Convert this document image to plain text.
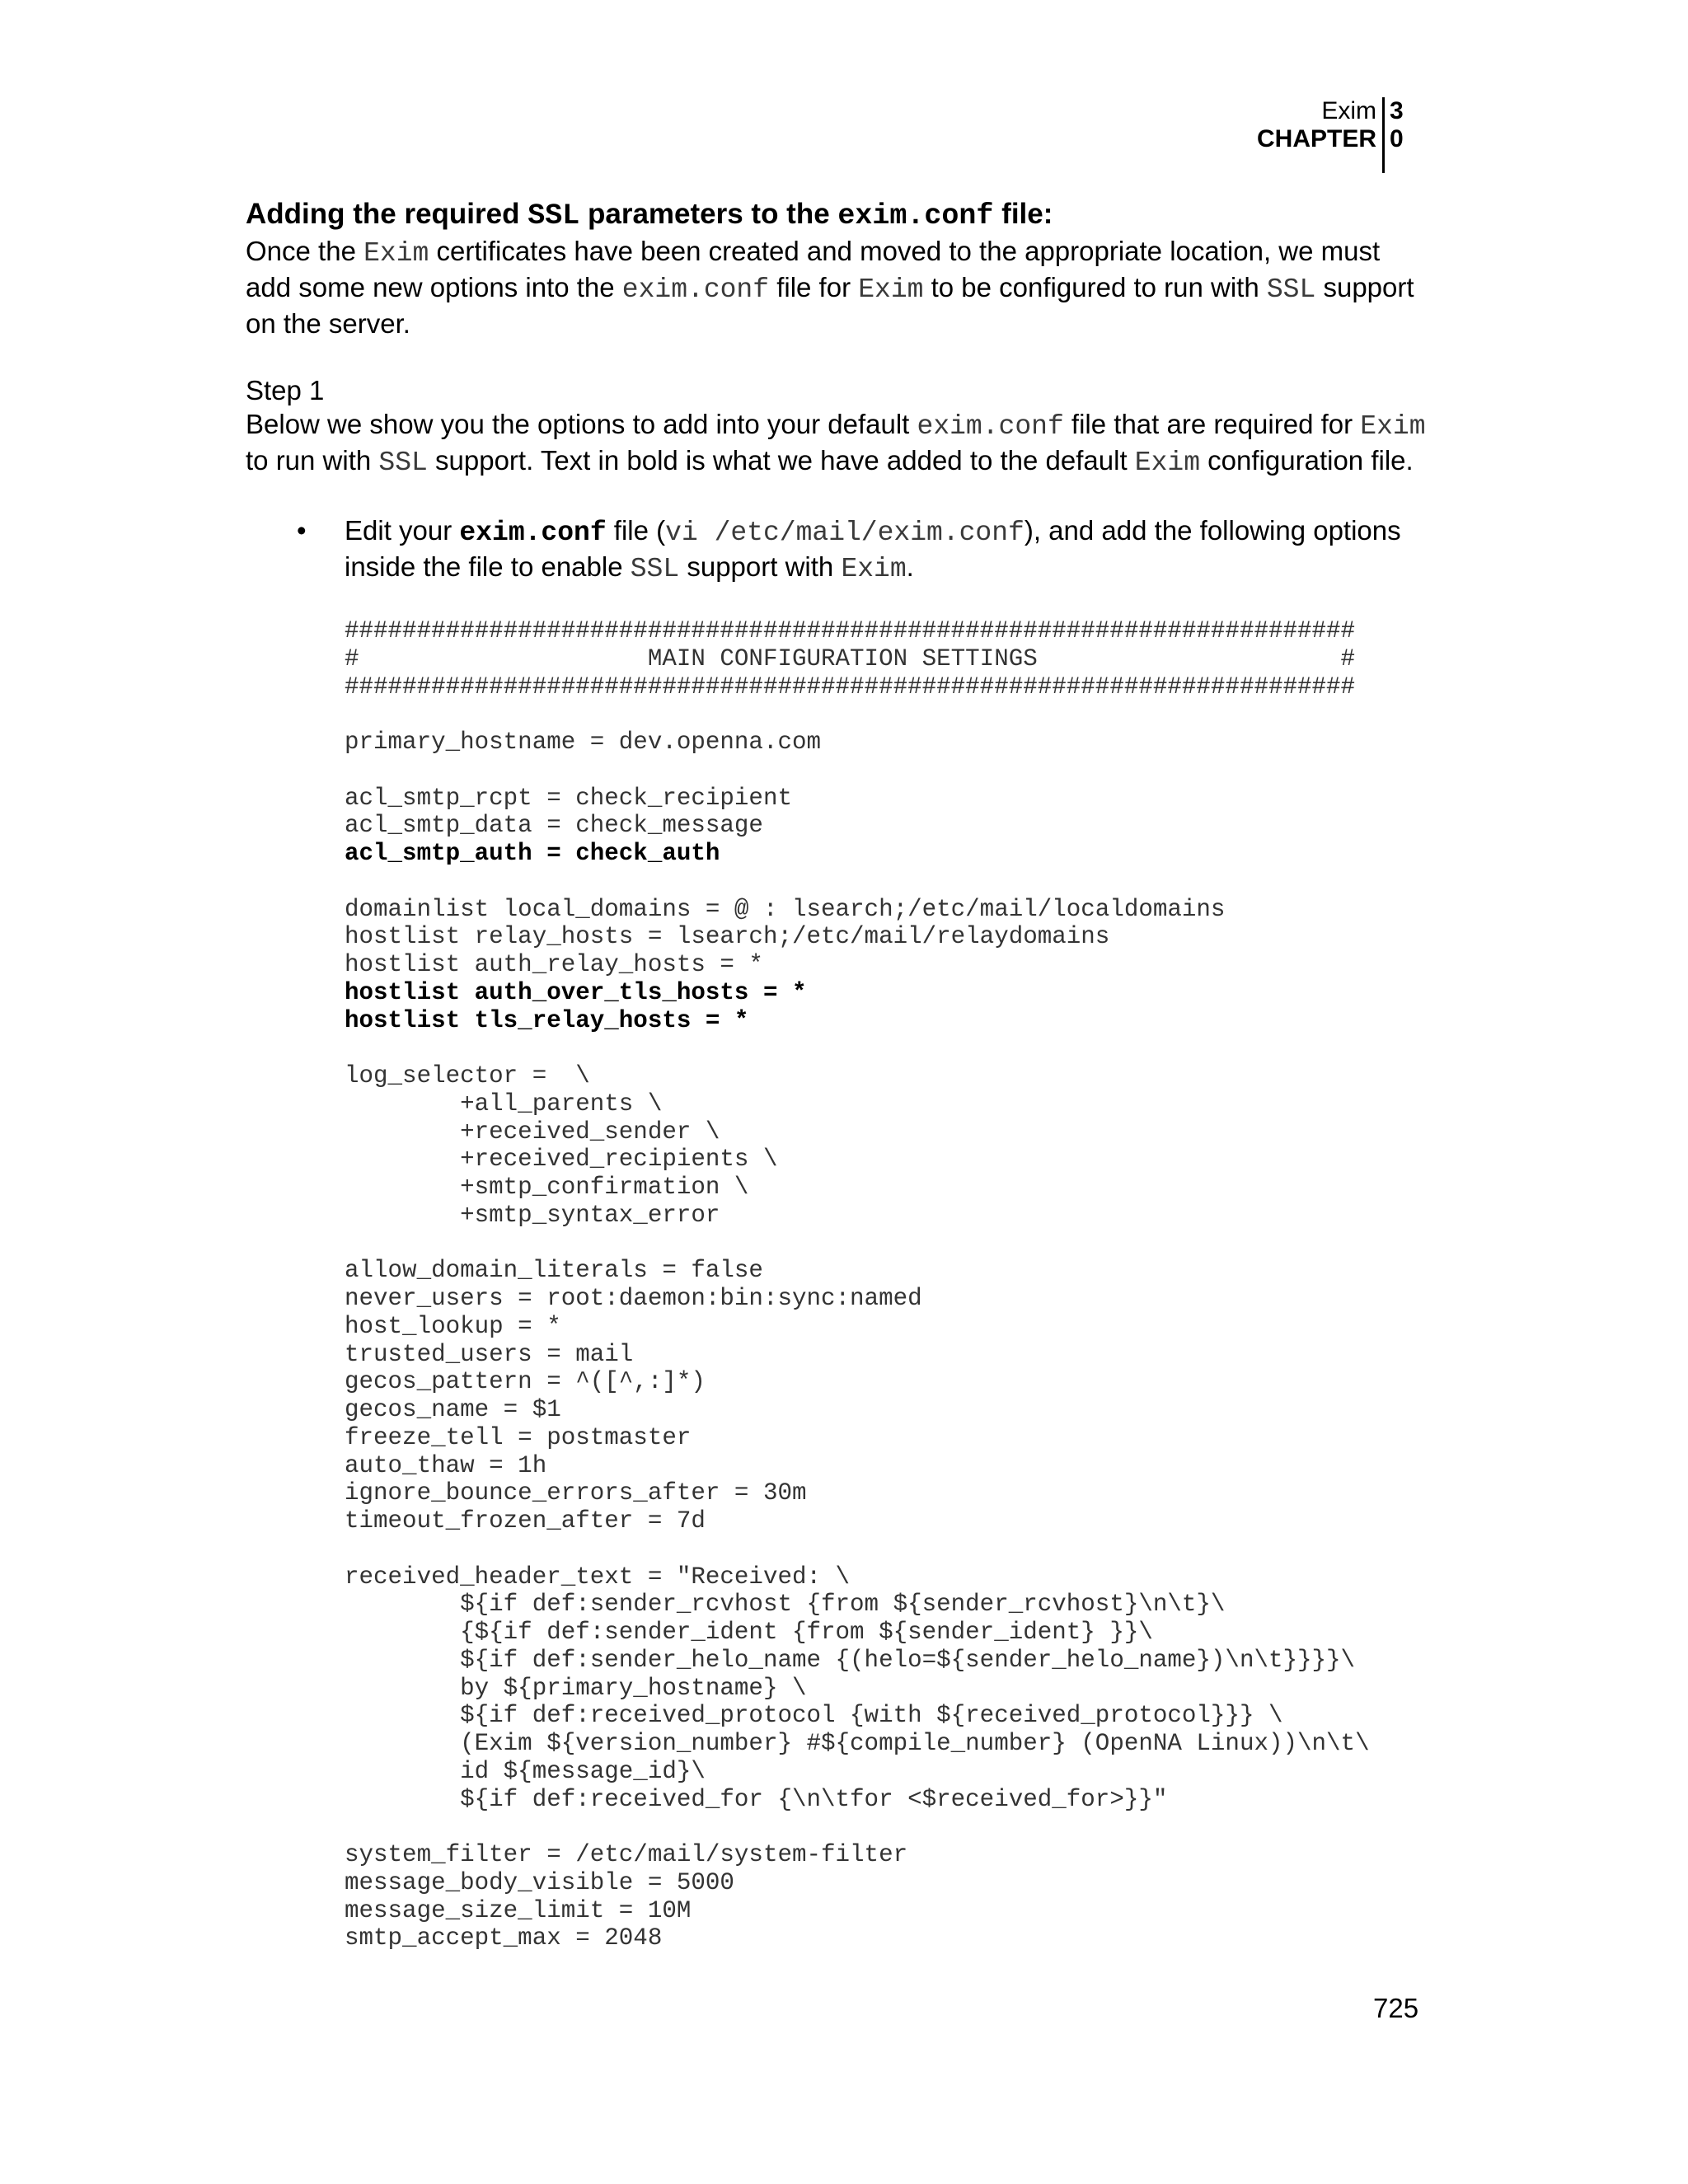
Exim
CHAPTER
3
0

Adding the required SSL parameters to the exim.conf file:

Once the Exim certificates have been created and moved to the appropriate location, we must add some new options into the exim.conf file for Exim to be configured to run with SSL support on the server.

Step 1

Below we show you the options to add into your default exim.conf file that are required for Exim to run with SSL support. Text in bold is what we have added to the default Exim configuration file.

• Edit your exim.conf file (vi /etc/mail/exim.conf), and add the following options inside the file to enable SSL support with Exim.
######################################################################
#                    MAIN CONFIGURATION SETTINGS                     #
######################################################################
primary_hostname = dev.openna.com
acl_smtp_rcpt = check_recipient
acl_smtp_data = check_message
acl_smtp_auth = check_auth
domainlist local_domains = @ : lsearch;/etc/mail/localdomains
hostlist relay_hosts = lsearch;/etc/mail/relaydomains
hostlist auth_relay_hosts = *
hostlist auth_over_tls_hosts = *
hostlist tls_relay_hosts = *
log_selector =  \
+all_parents \
+received_sender \
+received_recipients \
+smtp_confirmation \
+smtp_syntax_error
allow_domain_literals = false
never_users = root:daemon:bin:sync:named
host_lookup = *
trusted_users = mail
gecos_pattern = ^([^,:]*)
gecos_name = $1
freeze_tell = postmaster
auto_thaw = 1h
ignore_bounce_errors_after = 30m
timeout_frozen_after = 7d
received_header_text = "Received: \
${if def:sender_rcvhost {from ${sender_rcvhost}\n\t}\
{${if def:sender_ident {from ${sender_ident} }}\
${if def:sender_helo_name {(helo=${sender_helo_name})\n\t}}}}\
by ${primary_hostname} \
${if def:received_protocol {with ${received_protocol}}} \
(Exim ${version_number} #${compile_number} (OpenNA Linux))\n\t\
id ${message_id}\
${if def:received_for {\n\tfor <$received_for>}}"
system_filter = /etc/mail/system-filter
message_body_visible = 5000
message_size_limit = 10M
smtp_accept_max = 2048
725
